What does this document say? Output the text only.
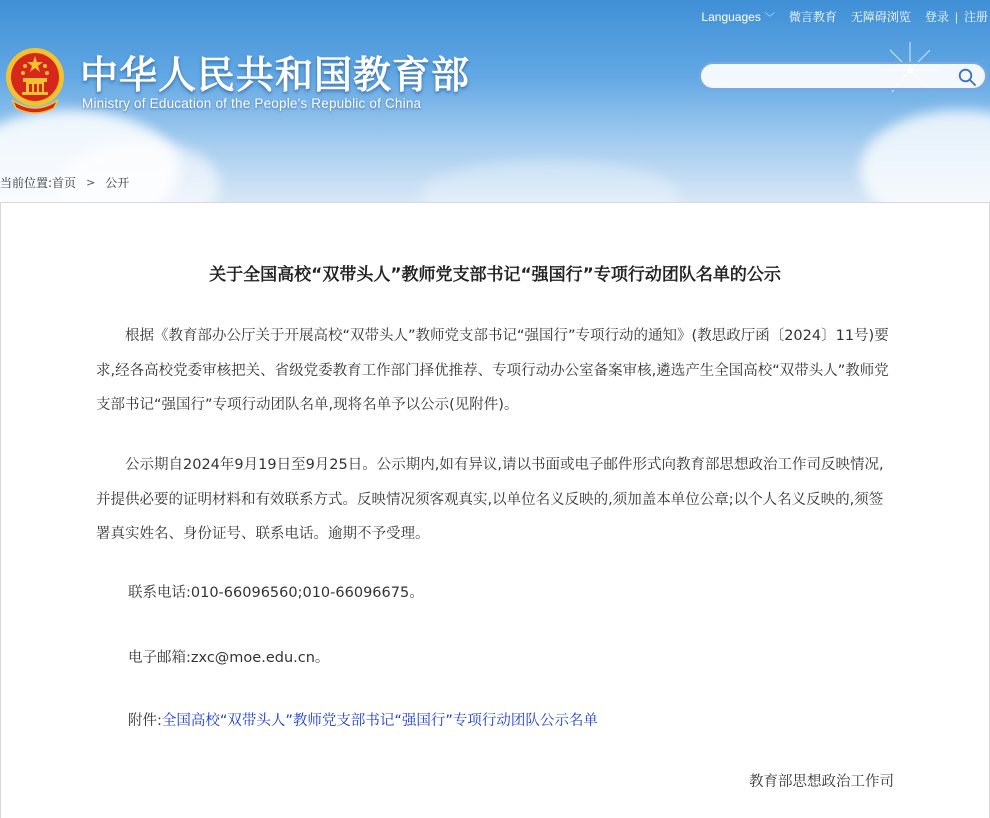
Languages ﹀ 微言教育 无障碍浏览 登录 | 注册
中华人民共和国教育部
Ministry of Education of the People's Republic of China
当前位置: 首页 > 公开
关于全国高校“双带头人”教师党支部书记“强国行”专项行动团队名单的公示

根据《教育部办公厅关于开展高校“双带头人”教师党支部书记“强国行”专项行动的通知》(教思政厅函〔2024〕11号)要求,经各高校党委审核把关、省级党委教育工作部门择优推荐、专项行动办公室备案审核,遴选产生全国高校“双带头人”教师党支部书记“强国行”专项行动团队名单,现将名单予以公示(见附件)。

公示期自2024年9月19日至9月25日。公示期内,如有异议,请以书面或电子邮件形式向教育部思想政治工作司反映情况,并提供必要的证明材料和有效联系方式。反映情况须客观真实,以单位名义反映的,须加盖本单位公章;以个人名义反映的,须签署真实姓名、身份证号、联系电话。逾期不予受理。

联系电话:010-66096560;010-66096675。
电子邮箱:zxc@moe.edu.cn。
附件:全国高校“双带头人”教师党支部书记“强国行”专项行动团队公示名单
教育部思想政治工作司
